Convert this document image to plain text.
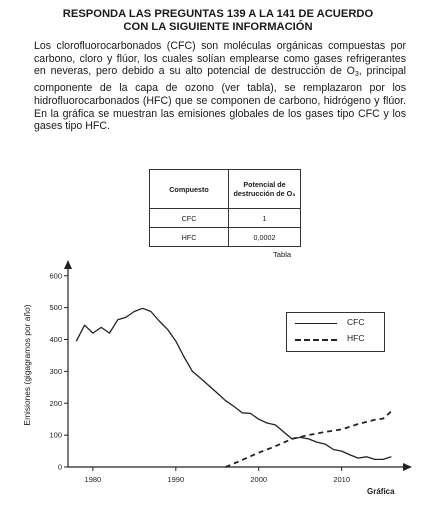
RESPONDA LAS PREGUNTAS 139 A LA 141 DE ACUERDO
CON LA SIGUIENTE INFORMACIÓN
Los clorofluorocarbonados (CFC) son moléculas orgánicas compuestas por carbono, cloro y flúor, los cuales solían emplearse como gases refrigerantes en neveras, pero debido a su alto potencial de destrucción de $O_3$, principal componente de la capa de ozono (ver tabla), se remplazaron por los hidrofluorocarbonados (HFC) que se componen de carbono, hidrógeno y flúor. En la gráfica se muestran las emisiones globales de los gases tipo CFC y los gases tipo HFC.
Compuesto	Potencial de destrucción de O₃
CFC	1
HFC	0,0002
Tabla
0
100
200
300
400
500
600
1980	1990	2000	2010
CFC
HFC
Emisiones (gigagramos por año)
Gráfica
